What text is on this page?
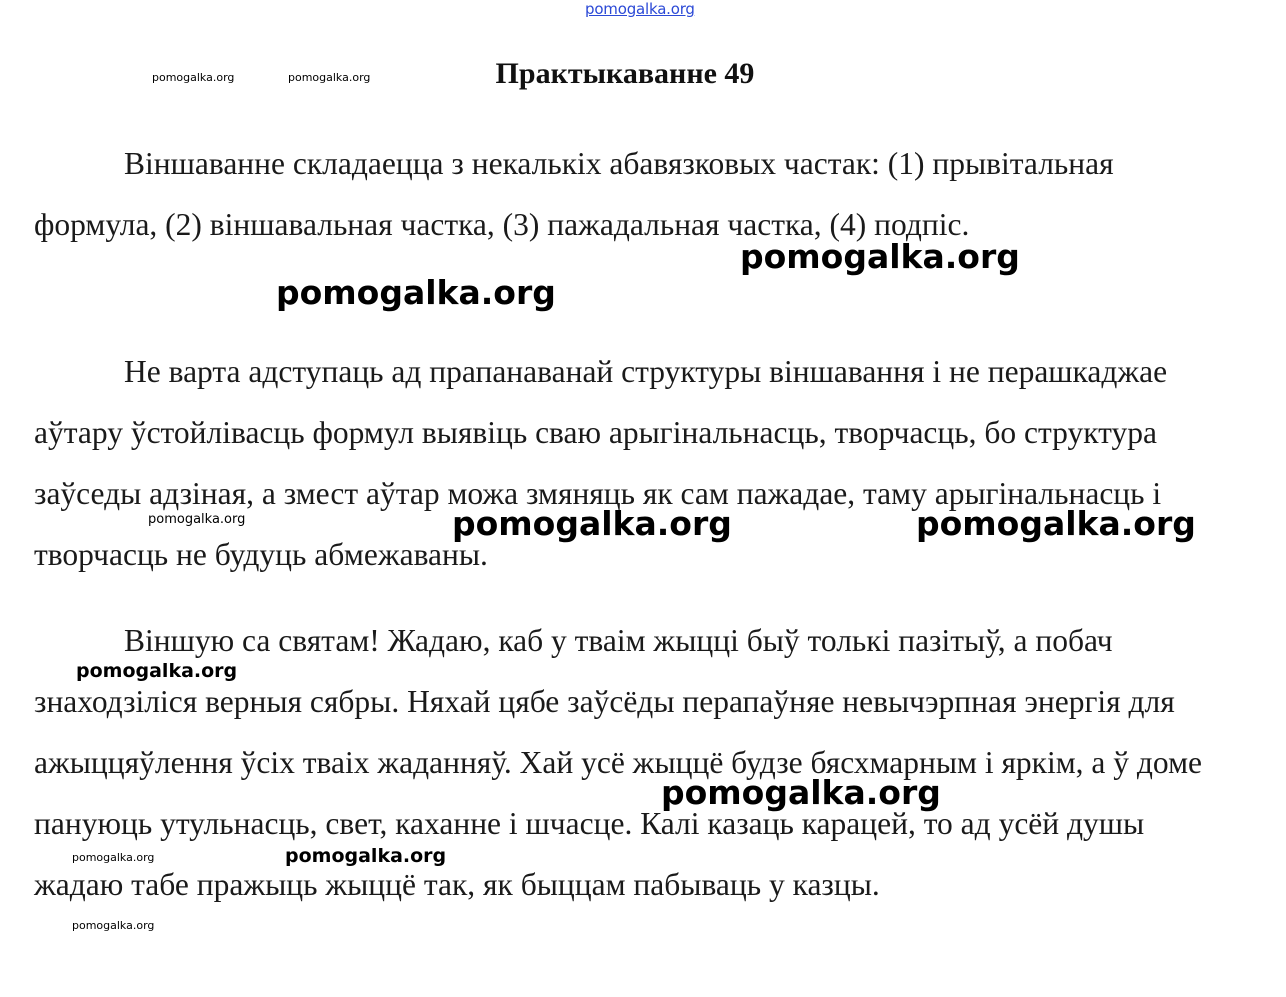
pomogalka.org
Практыкаванне 49

Віншаванне складаецца з некалькіх абавязковых частак: (1) прывітальная формула, (2) віншавальная частка, (3) пажадальная частка, (4) подпіс.

Не варта адступаць ад прапанаванай структуры віншавання і не перашкаджае аўтару ўстойлівасць формул выявіць сваю арыгінальнасць, творчасць, бо структура заўседы адзіная, а змест аўтар можа змяняць як сам пажадае, таму арыгінальнасць і творчасць не будуць абмежаваны.

Віншую са святам! Жадаю, каб у тваім жыцці быў толькі пазітыў, а побач знаходзіліся верныя сябры. Няхай цябе заўсёды перапаўняе невычэрпная энергія для ажыццяўлення ўсіх тваіх жаданняў. Хай усё жыццё будзе бясхмарным і яркім, а ў доме пануюць утульнасць, свет, каханне і шчасце. Калі казаць карацей, то ад усёй душы жадаю табе пражыць жыццё так, як быццам пабываць у казцы.

pomogalka.org	pomogalka.org
pomogalka.org
pomogalka.org
pomogalka.org	pomogalka.org	pomogalka.org
pomogalka.org
pomogalka.org
pomogalka.org	pomogalka.org
pomogalka.org
